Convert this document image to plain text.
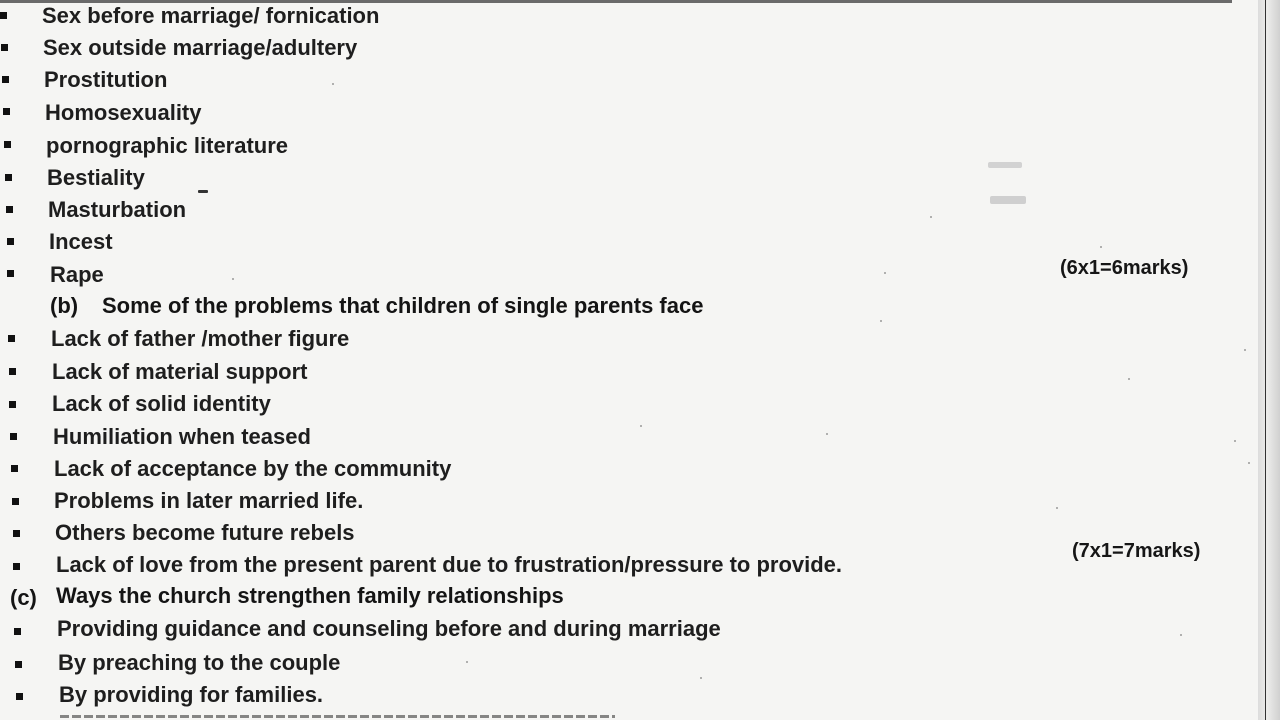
Sex before marriage/ fornication
Sex outside marriage/adultery
Prostitution
Homosexuality
pornographic literature
Bestiality
Masturbation
Incest
Rape	(6x1=6marks)
(b) Some of the problems that children of single parents face
Lack of father /mother figure
Lack of material support
Lack of solid identity
Humiliation when teased
Lack of acceptance by the community
Problems in later married life.
Others become future rebels
Lack of love from the present parent due to frustration/pressure to provide.
(7x1=7marks)
(c) Ways the church strengthen family relationships
Providing guidance and counseling before and during marriage
By preaching to the couple
By providing for families.
